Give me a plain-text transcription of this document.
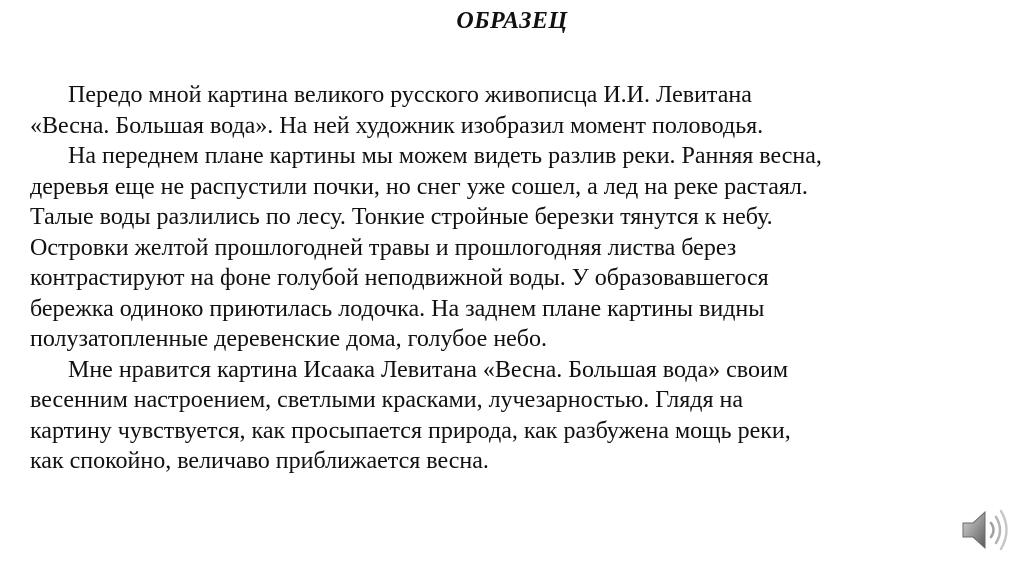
ОБРАЗЕЦ
Передо мной картина великого русского живописца И.И. Левитана
«Весна. Большая вода». На ней художник изобразил момент половодья.
На переднем плане картины мы можем видеть разлив реки. Ранняя весна,
деревья еще не распустили почки, но снег уже сошел, а лед на реке растаял.
Талые воды разлились по лесу. Тонкие стройные березки тянутся к небу.
Островки желтой прошлогодней травы и прошлогодняя листва берез
контрастируют на фоне голубой неподвижной воды. У образовавшегося
бережка одиноко приютилась лодочка. На заднем плане картины видны
полузатопленные деревенские дома, голубое небо.
Мне нравится картина Исаака Левитана «Весна. Большая вода» своим
весенним настроением, светлыми красками, лучезарностью. Глядя на
картину чувствуется, как просыпается природа, как разбужена мощь реки,
как спокойно, величаво приближается весна.
